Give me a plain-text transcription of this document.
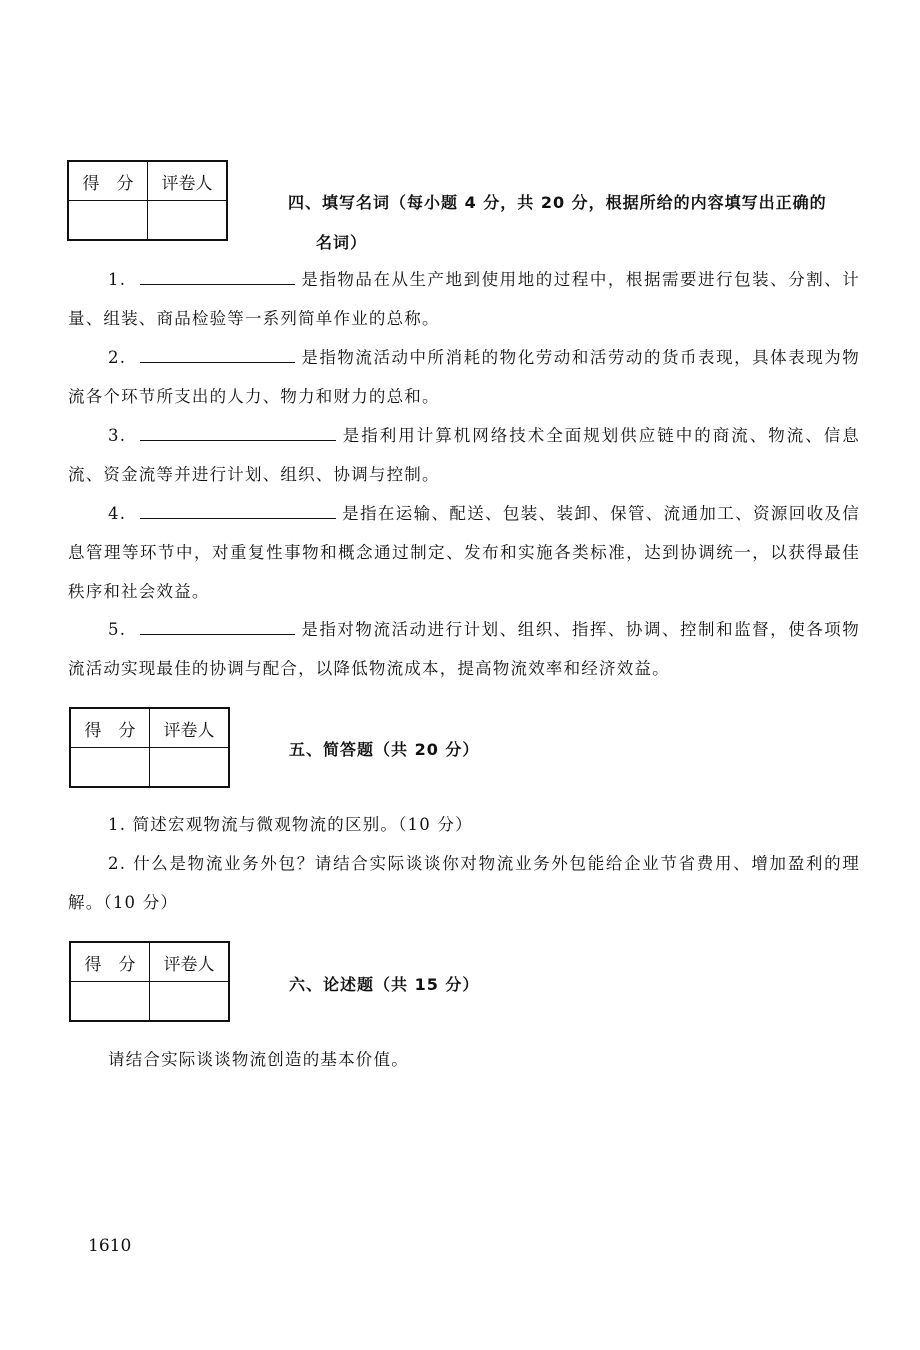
得　分	评卷人

四、填写名词（每小题 4 分，共 20 分，根据所给的内容填写出正确的
名词）
1.	是指物品在从生产地到使用地的过程中，根据需要进行包装、分割、计量、组装、商品检验等一系列简单作业的总称。
2.	是指物流活动中所消耗的物化劳动和活劳动的货币表现，具体表现为物流各个环节所支出的人力、物力和财力的总和。
3.	是指利用计算机网络技术全面规划供应链中的商流、物流、信息流、资金流等并进行计划、组织、协调与控制。
4.	是指在运输、配送、包装、装卸、保管、流通加工、资源回收及信息管理等环节中，对重复性事物和概念通过制定、发布和实施各类标准，达到协调统一，以获得最佳秩序和社会效益。
5.	是指对物流活动进行计划、组织、指挥、协调、控制和监督，使各项物流活动实现最佳的协调与配合，以降低物流成本，提高物流效率和经济效益。
得　分	评卷人

五、简答题（共 20 分）
1. 简述宏观物流与微观物流的区别。（10 分）
2. 什么是物流业务外包？请结合实际谈谈你对物流业务外包能给企业节省费用、增加盈利的理解。（10 分）
得　分	评卷人

六、论述题（共 15 分）
请结合实际谈谈物流创造的基本价值。
1610
